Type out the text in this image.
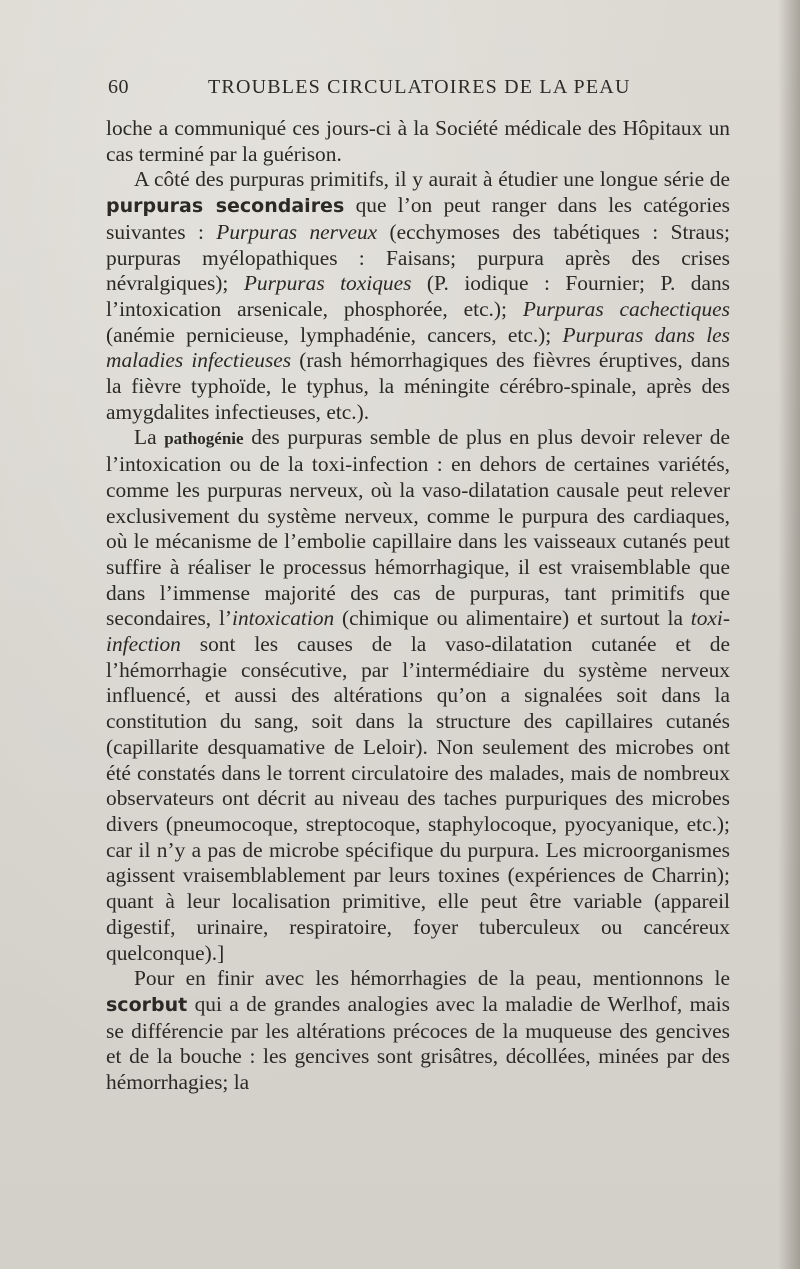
60	TROUBLES CIRCULATOIRES DE LA PEAU

loche a communiqué ces jours-ci à la Société médicale des Hôpitaux un cas terminé par la guérison.

A côté des purpuras primitifs, il y aurait à étudier une longue série de purpuras secondaires que l’on peut ranger dans les catégories suivantes : Purpuras nerveux (ecchymoses des tabétiques : Straus; purpuras myélopathiques : Faisans; purpura après des crises névralgiques); Purpuras toxiques (P. iodique : Fournier; P. dans l’intoxication arsenicale, phosphorée, etc.); Purpuras cachectiques (anémie pernicieuse, lymphadénie, cancers, etc.); Purpuras dans les maladies infectieuses (rash hémorrhagiques des fièvres éruptives, dans la fièvre typhoïde, le typhus, la méningite cérébro-spinale, après des amygdalites infectieuses, etc.).

La pathogénie des purpuras semble de plus en plus devoir relever de l’intoxication ou de la toxi-infection : en dehors de certaines variétés, comme les purpuras nerveux, où la vaso-dilatation causale peut relever exclusivement du système nerveux, comme le purpura des cardiaques, où le mécanisme de l’embolie capillaire dans les vaisseaux cutanés peut suffire à réaliser le processus hémorrhagique, il est vraisemblable que dans l’immense majorité des cas de purpuras, tant primitifs que secondaires, l’intoxication (chimique ou alimentaire) et surtout la toxi-infection sont les causes de la vaso-dilatation cutanée et de l’hémorrhagie consécutive, par l’intermédiaire du système nerveux influencé, et aussi des altérations qu’on a signalées soit dans la constitution du sang, soit dans la structure des capillaires cutanés (capillarite desquamative de Leloir). Non seulement des microbes ont été constatés dans le torrent circulatoire des malades, mais de nombreux observateurs ont décrit au niveau des taches purpuriques des microbes divers (pneumocoque, streptocoque, staphylocoque, pyocyanique, etc.); car il n’y a pas de microbe spécifique du purpura. Les microorganismes agissent vraisemblablement par leurs toxines (expériences de Charrin); quant à leur localisation primitive, elle peut être variable (appareil digestif, urinaire, respiratoire, foyer tuberculeux ou cancéreux quelconque).]

Pour en finir avec les hémorrhagies de la peau, mentionnons le scorbut qui a de grandes analogies avec la maladie de Werlhof, mais se différencie par les altérations précoces de la muqueuse des gencives et de la bouche : les gencives sont grisâtres, décollées, minées par des hémorrhagies; la
